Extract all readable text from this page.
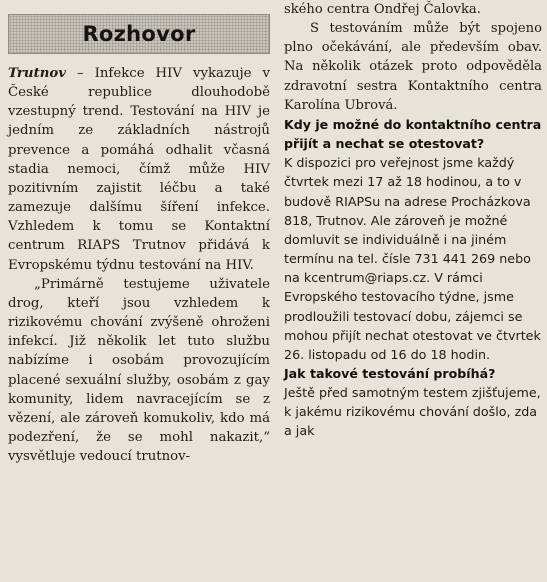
Rozhovor

Trutnov – Infekce HIV vykazuje v České republice dlouhodobě vzestupný trend. Testování na HIV je jedním ze základních nástrojů prevence a pomáhá odhalit včasná stadia nemoci, čímž může HIV pozitivním zajistit léčbu a také zamezuje dalšímu šíření infekce. Vzhledem k tomu se Kontaktní centrum RIAPS Trutnov přidává k Evropskému týdnu testování na HIV.

„Primárně testujeme uživatele drog, kteří jsou vzhledem k rizikovému chování zvýšeně ohroženi infekcí. Již několik let tuto službu nabízíme i osobám provozujícím placené sexuální služby, osobám z gay komunity, lidem navracejícím se z vězení, ale zároveň komukoliv, kdo má podezření, že se mohl nakazit,“ vysvětluje vedoucí trutnov-

ského centra Ondřej Čalovka.

S testováním může být spojeno plno očekávání, ale především obav. Na několik otázek proto odpověděla zdravotní sestra Kontaktního centra Karolína Ubrová.

Kdy je možné do kontaktního centra přijít a nechat se otestovat?

K dispozici pro veřejnost jsme každý čtvrtek mezi 17 až 18 hodinou, a to v budově RIAPSu na adrese Procházkova 818, Trutnov. Ale zároveň je možné domluvit se individuálně i na jiném termínu na tel. čísle 731 441 269 nebo na kcentrum@riaps.cz. V rámci Evropského testovacího týdne, jsme prodloužili testovací dobu, zájemci se mohou přijít nechat otestovat ve čtvrtek 26. listopadu od 16 do 18 hodin.

Jak takové testování probíhá?

Ještě před samotným testem zjišťujeme, k jakému rizikovému chování došlo, zda a jak
